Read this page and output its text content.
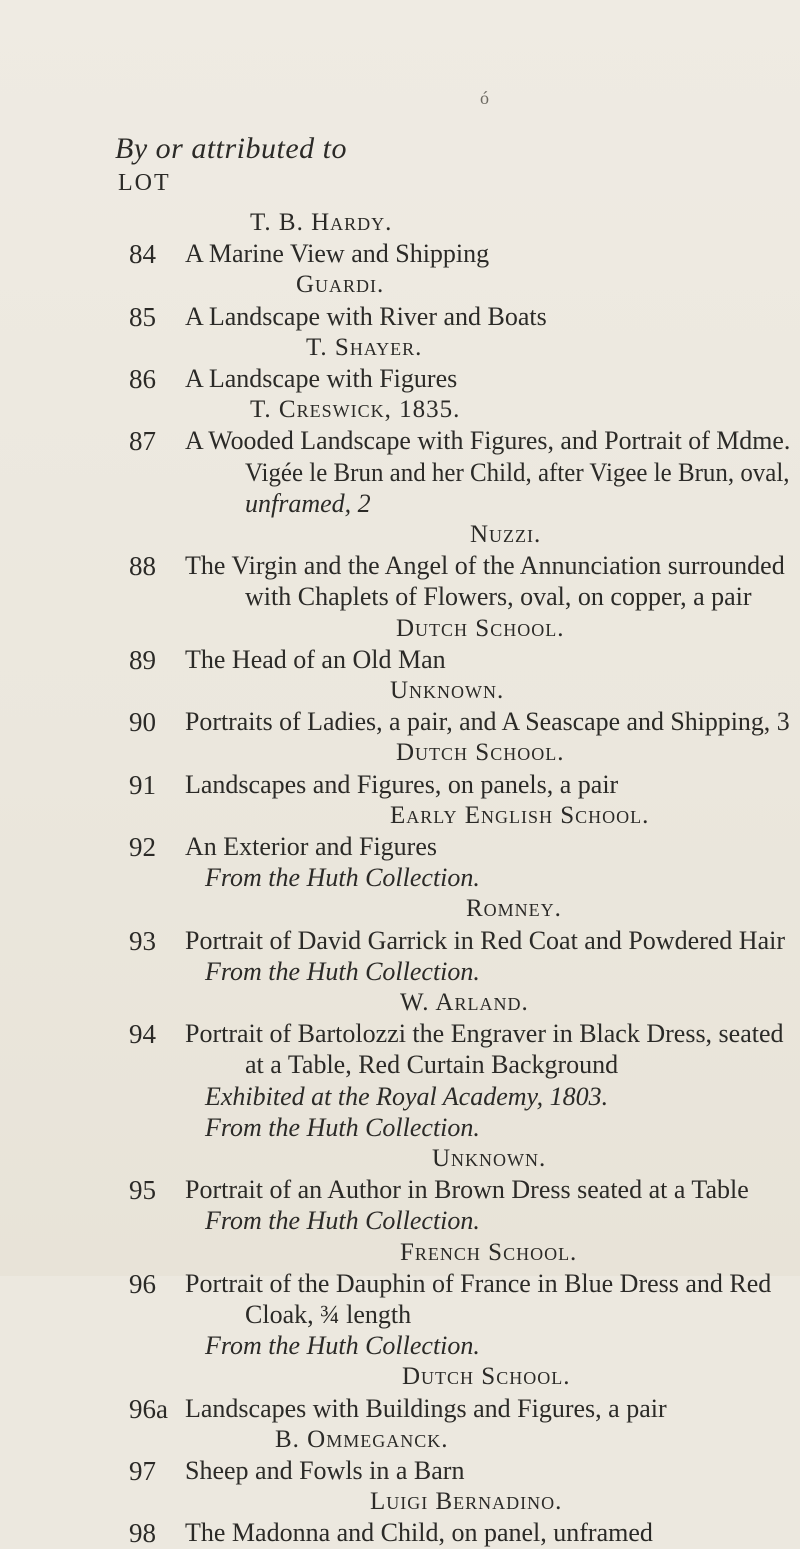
ó
By or attributed to
LOT
T. B. Hardy.
84 A Marine View and Shipping
Guardi.
85 A Landscape with River and Boats
T. Shayer.
86 A Landscape with Figures
T. Creswick, 1835.
87 A Wooded Landscape with Figures, and Portrait of Mdme.
Vigée le Brun and her Child, after Vigee le Brun, oval,
unframed, 2
Nuzzi.
88 The Virgin and the Angel of the Annunciation surrounded
with Chaplets of Flowers, oval, on copper, a pair
Dutch School.
89 The Head of an Old Man
Unknown.
90 Portraits of Ladies, a pair, and A Seascape and Shipping, 3
Dutch School.
91 Landscapes and Figures, on panels, a pair
Early English School.
92 An Exterior and Figures
From the Huth Collection.
Romney.
93 Portrait of David Garrick in Red Coat and Powdered Hair
From the Huth Collection.
W. Arland.
94 Portrait of Bartolozzi the Engraver in Black Dress, seated
at a Table, Red Curtain Background
Exhibited at the Royal Academy, 1803.
From the Huth Collection.
Unknown.
95 Portrait of an Author in Brown Dress seated at a Table
From the Huth Collection.
French School.
96 Portrait of the Dauphin of France in Blue Dress and Red
Cloak, ¾ length
From the Huth Collection.
Dutch School.
96a Landscapes with Buildings and Figures, a pair
B. Ommeganck.
97 Sheep and Fowls in a Barn
Luigi Bernadino.
98 The Madonna and Child, on panel, unframed
